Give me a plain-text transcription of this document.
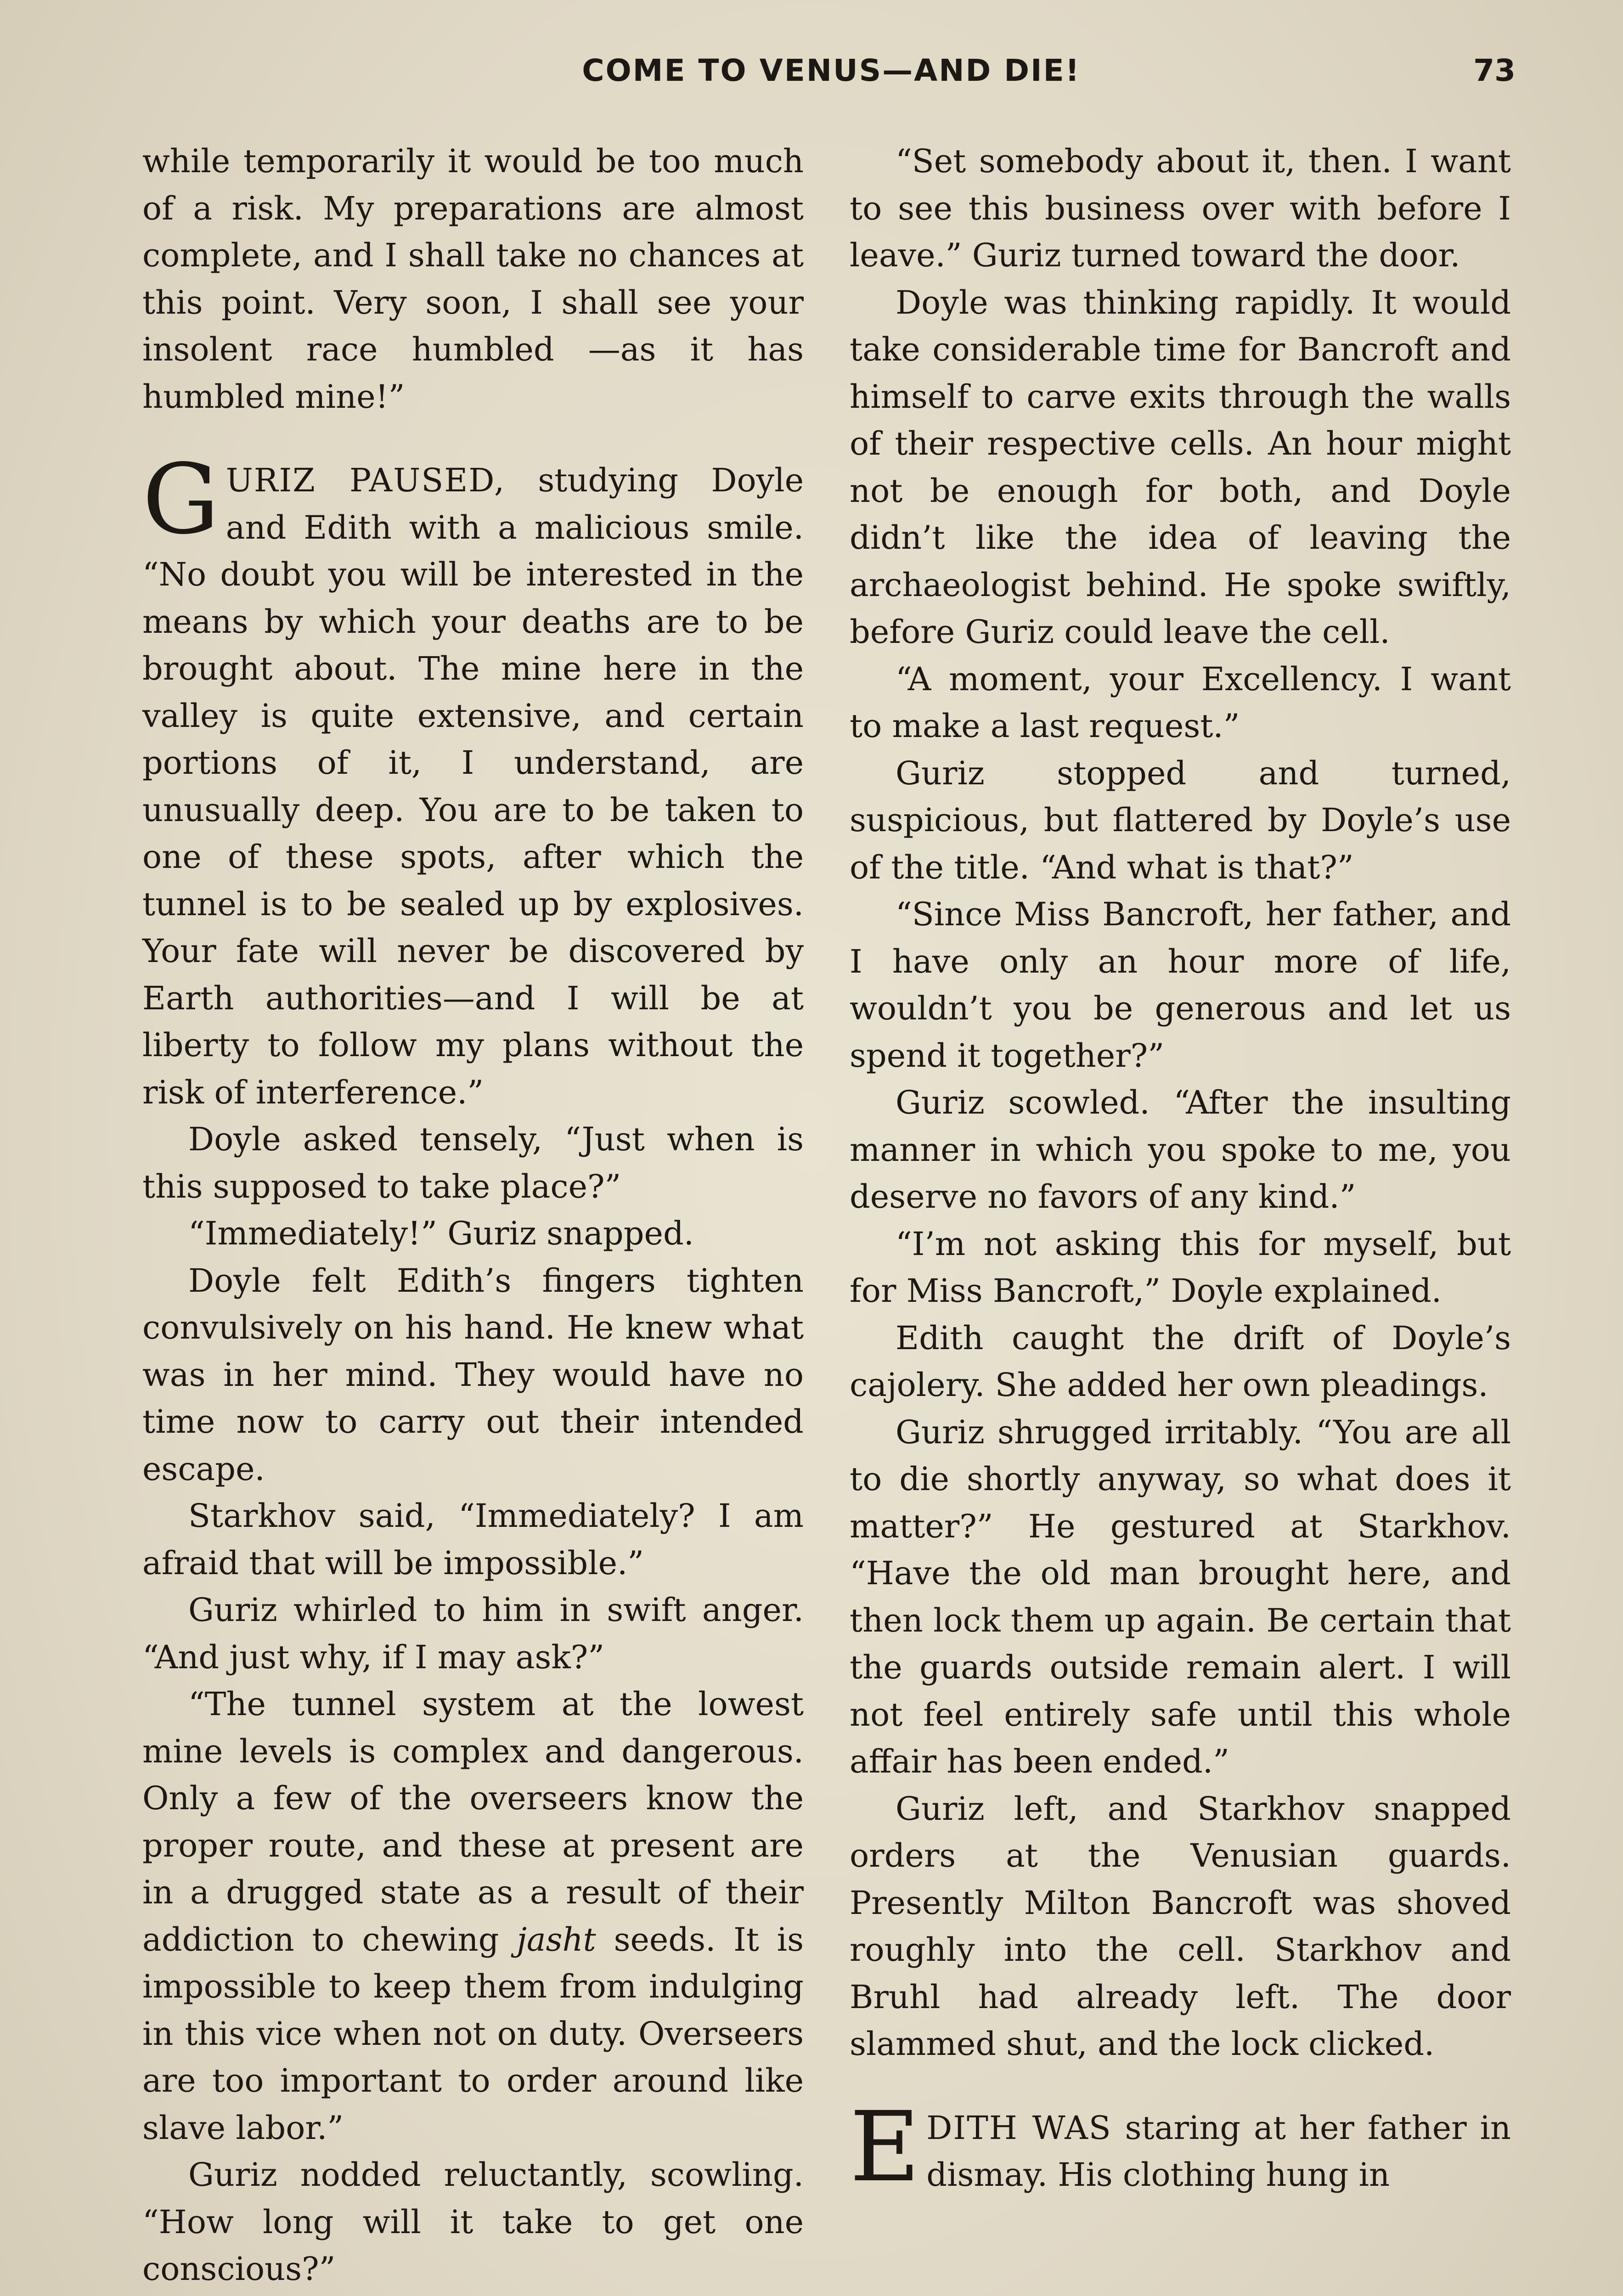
COME TO VENUS—AND DIE!	73

while temporarily it would be too much of a risk. My preparations are almost complete, and I shall take no chances at this point. Very soon, I shall see your insolent race humbled —as it has humbled mine!”

GURIZ PAUSED, studying Doyle and Edith with a malicious smile. “No doubt you will be interested in the means by which your deaths are to be brought about. The mine here in the valley is quite extensive, and certain portions of it, I understand, are unusually deep. You are to be taken to one of these spots, after which the tunnel is to be sealed up by explosives. Your fate will never be discovered by Earth authorities—and I will be at liberty to follow my plans without the risk of interference.”

Doyle asked tensely, “Just when is this supposed to take place?”

“Immediately!” Guriz snapped.

Doyle felt Edith’s fingers tighten convulsively on his hand. He knew what was in her mind. They would have no time now to carry out their intended escape.

Starkhov said, “Immediately? I am afraid that will be impossible.”

Guriz whirled to him in swift anger. “And just why, if I may ask?”

“The tunnel system at the lowest mine levels is complex and dangerous. Only a few of the overseers know the proper route, and these at present are in a drugged state as a result of their addiction to chewing jasht seeds. It is impossible to keep them from indulging in this vice when not on duty. Overseers are too important to order around like slave labor.”

Guriz nodded reluctantly, scowling. “How long will it take to get one conscious?”

“Set somebody about it, then. I want to see this business over with before I leave.” Guriz turned toward the door.

Doyle was thinking rapidly. It would take considerable time for Bancroft and himself to carve exits through the walls of their respective cells. An hour might not be enough for both, and Doyle didn’t like the idea of leaving the archaeologist behind. He spoke swiftly, before Guriz could leave the cell.

“A moment, your Excellency. I want to make a last request.”

Guriz stopped and turned, suspicious, but flattered by Doyle’s use of the title. “And what is that?”

“Since Miss Bancroft, her father, and I have only an hour more of life, wouldn’t you be generous and let us spend it together?”

Guriz scowled. “After the insulting manner in which you spoke to me, you deserve no favors of any kind.”

“I’m not asking this for myself, but for Miss Bancroft,” Doyle explained.

Edith caught the drift of Doyle’s cajolery. She added her own pleadings.

Guriz shrugged irritably. “You are all to die shortly anyway, so what does it matter?” He gestured at Starkhov. “Have the old man brought here, and then lock them up again. Be certain that the guards outside remain alert. I will not feel entirely safe until this whole affair has been ended.”

Guriz left, and Starkhov snapped orders at the Venusian guards. Presently Milton Bancroft was shoved roughly into the cell. Starkhov and Bruhl had already left. The door slammed shut, and the lock clicked.

EDITH WAS staring at her father in dismay. His clothing hung in
